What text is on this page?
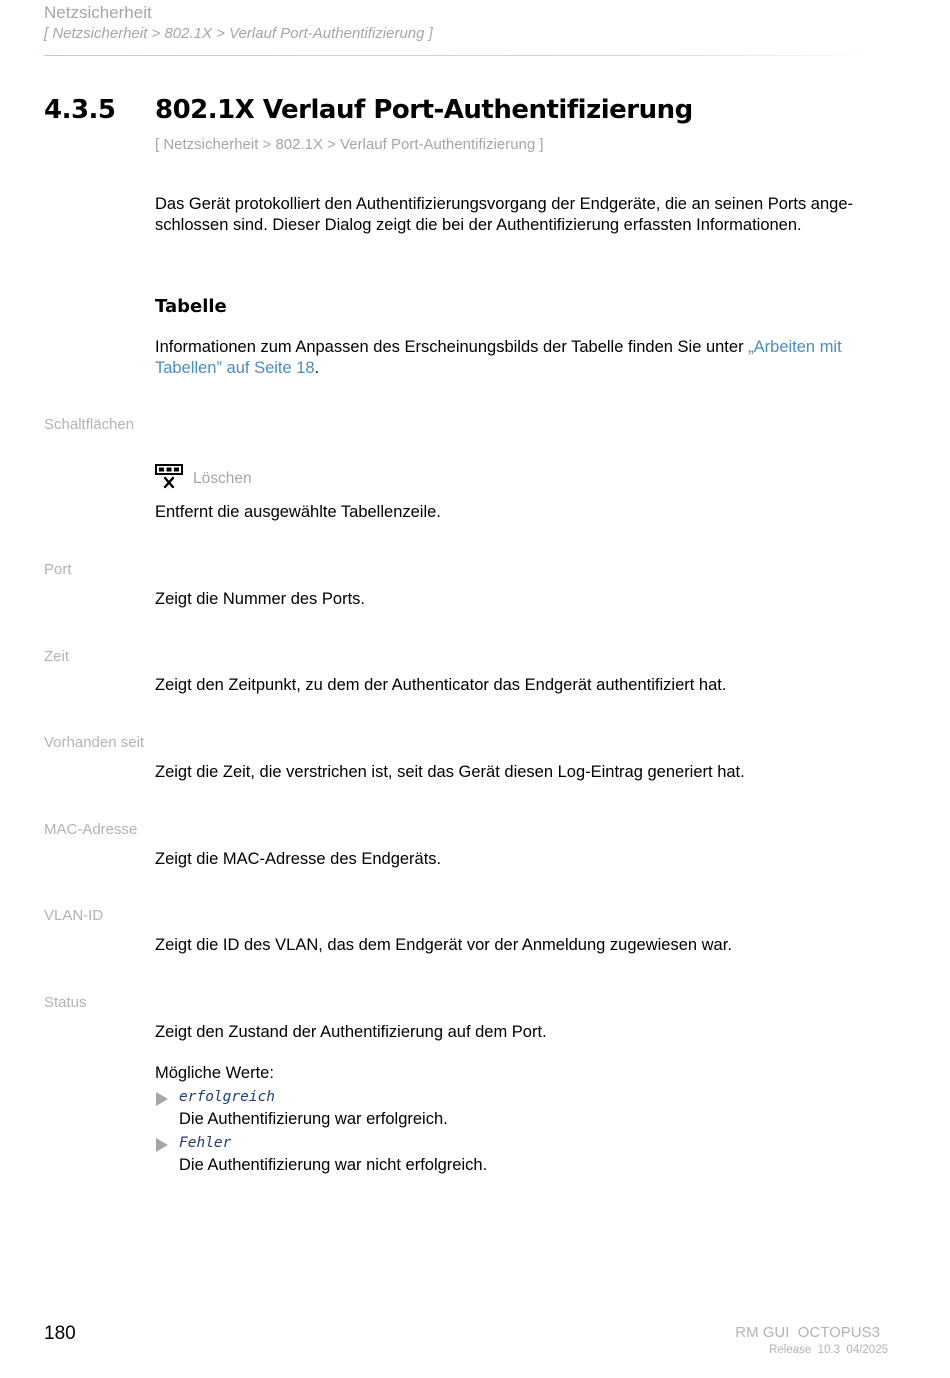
Netzsicherheit
[ Netzsicherheit > 802.1X > Verlauf Port-Authentifizierung ]
4.3.5 802.1X Verlauf Port-Authentifizierung
[ Netzsicherheit > 802.1X > Verlauf Port-Authentifizierung ]
Das Gerät protokolliert den Authentifizierungsvorgang der Endgeräte, die an seinen Ports ange-
schlossen sind. Dieser Dialog zeigt die bei der Authentifizierung erfassten Informationen.
Tabelle
Informationen zum Anpassen des Erscheinungsbilds der Tabelle finden Sie unter „Arbeiten mit
Tabellen” auf Seite 18.
Schaltflächen
Löschen
Entfernt die ausgewählte Tabellenzeile.
Port
Zeigt die Nummer des Ports.
Zeit
Zeigt den Zeitpunkt, zu dem der Authenticator das Endgerät authentifiziert hat.
Vorhanden seit
Zeigt die Zeit, die verstrichen ist, seit das Gerät diesen Log-Eintrag generiert hat.
MAC-Adresse
Zeigt die MAC-Adresse des Endgeräts.
VLAN-ID
Zeigt die ID des VLAN, das dem Endgerät vor der Anmeldung zugewiesen war.
Status
Zeigt den Zustand der Authentifizierung auf dem Port.
Mögliche Werte:
erfolgreich
Die Authentifizierung war erfolgreich.
Fehler
Die Authentifizierung war nicht erfolgreich.
180	RM GUI  OCTOPUS3
Release  10.3  04/2025
